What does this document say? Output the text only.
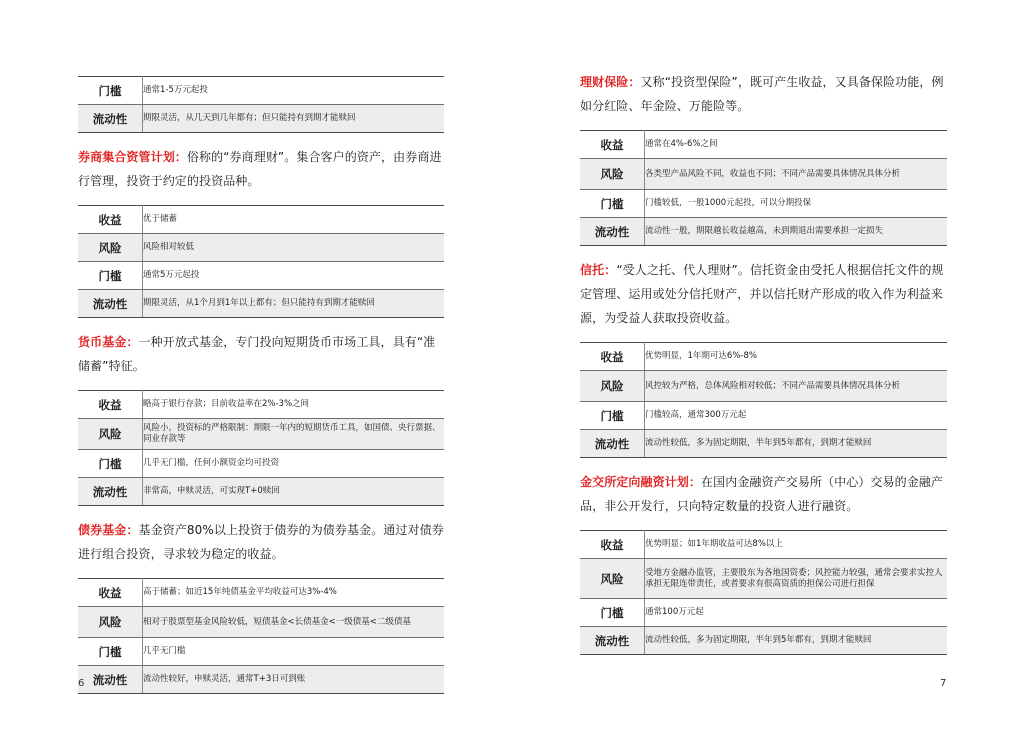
门槛	通常1-5万元起投
流动性	期限灵活，从几天到几年都有；但只能持有到期才能赎回

券商集合资管计划：俗称的“券商理财”。集合客户的资产，由券商进行管理，投资于约定的投资品种。

收益	优于储蓄
风险	风险相对较低
门槛	通常5万元起投
流动性	期限灵活，从1个月到1年以上都有；但只能持有到期才能赎回

货币基金：一种开放式基金，专门投向短期货币市场工具，具有“准储蓄”特征。

收益	略高于银行存款；目前收益率在2%-3%之间
风险	风险小，投资标的严格限制：期限一年内的短期货币工具，如国债、央行票据、同业存款等
门槛	几乎无门槛，任何小额资金均可投资
流动性	非常高，申赎灵活，可实现T+0赎回

债券基金：基金资产80%以上投资于债券的为债券基金。通过对债券进行组合投资，寻求较为稳定的收益。

收益	高于储蓄；如近15年纯债基金平均收益可达3%-4%
风险	相对于股票型基金风险较低，短债基金<长债基金<一级债基<二级债基
门槛	几乎无门槛
流动性	流动性较好，申赎灵活，通常T+3日可到账

理财保险：又称“投资型保险”，既可产生收益，又具备保险功能，例如分红险、年金险、万能险等。

收益	通常在4%-6%之间
风险	各类型产品风险不同，收益也不同；不同产品需要具体情况具体分析
门槛	门槛较低，一般1000元起投，可以分期投保
流动性	流动性一般，期限越长收益越高，未到期退出需要承担一定损失

信托：“受人之托、代人理财”。信托资金由受托人根据信托文件的规定管理、运用或处分信托财产，并以信托财产形成的收入作为利益来源，为受益人获取投资收益。

收益	优势明显，1年期可达6%-8%
风险	风控较为严格，总体风险相对较低；不同产品需要具体情况具体分析
门槛	门槛较高，通常300万元起
流动性	流动性较低，多为固定期限，半年到5年都有，到期才能赎回

金交所定向融资计划：在国内金融资产交易所（中心）交易的金融产品，非公开发行，只向特定数量的投资人进行融资。

收益	优势明显；如1年期收益可达8%以上
风险	受地方金融办监管，主要股东为各地国资委；风控能力较强，通常会要求实控人承担无限连带责任，或者要求有很高资质的担保公司进行担保
门槛	通常100万元起
流动性	流动性较低，多为固定期限，半年到5年都有，到期才能赎回
6	7
